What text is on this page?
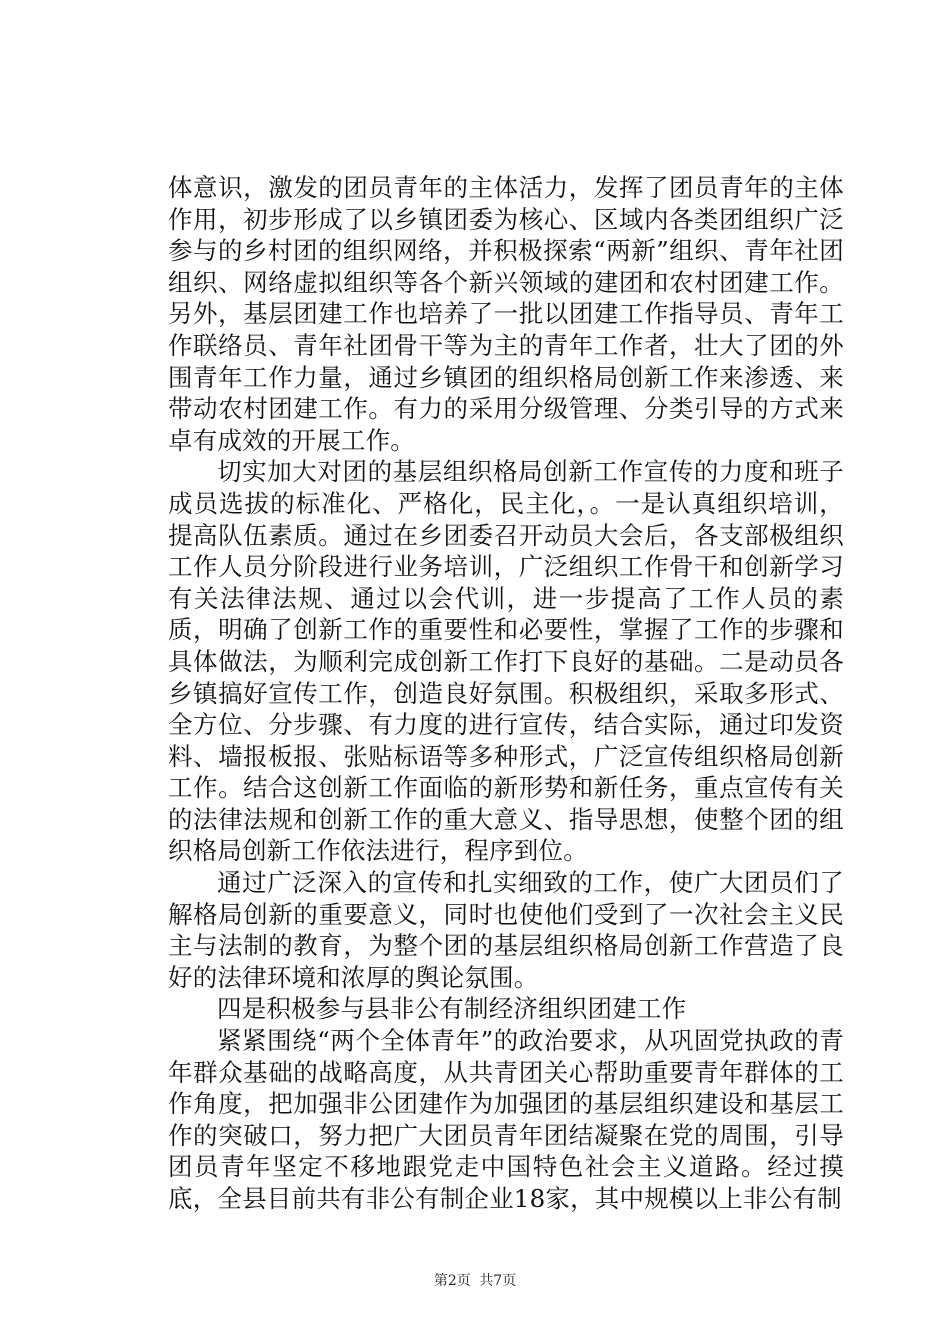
体意识，激发的团员青年的主体活力，发挥了团员青年的主体作用，初步形成了以乡镇团委为核心、区域内各类团组织广泛参与的乡村团的组织网络，并积极探索“两新”组织、青年社团组织、网络虚拟组织等各个新兴领域的建团和农村团建工作。另外，基层团建工作也培养了一批以团建工作指导员、青年工作联络员、青年社团骨干等为主的青年工作者，壮大了团的外围青年工作力量，通过乡镇团的组织格局创新工作来渗透、来带动农村团建工作。有力的采用分级管理、分类引导的方式来卓有成效的开展工作。

切实加大对团的基层组织格局创新工作宣传的力度和班子成员选拔的标准化、严格化，民主化，。一是认真组织培训，提高队伍素质。通过在乡团委召开动员大会后，各支部极组织工作人员分阶段进行业务培训，广泛组织工作骨干和创新学习有关法律法规、通过以会代训，进一步提高了工作人员的素质，明确了创新工作的重要性和必要性，掌握了工作的步骤和具体做法，为顺利完成创新工作打下良好的基础。二是动员各乡镇搞好宣传工作，创造良好氛围。积极组织，采取多形式、全方位、分步骤、有力度的进行宣传，结合实际，通过印发资料、墙报板报、张贴标语等多种形式，广泛宣传组织格局创新工作。结合这创新工作面临的新形势和新任务，重点宣传有关的法律法规和创新工作的重大意义、指导思想，使整个团的组织格局创新工作依法进行，程序到位。

通过广泛深入的宣传和扎实细致的工作，使广大团员们了解格局创新的重要意义，同时也使他们受到了一次社会主义民主与法制的教育，为整个团的基层组织格局创新工作营造了良好的法律环境和浓厚的舆论氛围。

四是积极参与县非公有制经济组织团建工作

紧紧围绕“两个全体青年”的政治要求，从巩固党执政的青年群众基础的战略高度，从共青团关心帮助重要青年群体的工作角度，把加强非公团建作为加强团的基层组织建设和基层工作的突破口，努力把广大团员青年团结凝聚在党的周围，引导团员青年坚定不移地跟党走中国特色社会主义道路。经过摸底，全县目前共有非公有制企业18家，其中规模以上非公有制

第2页 共7页
